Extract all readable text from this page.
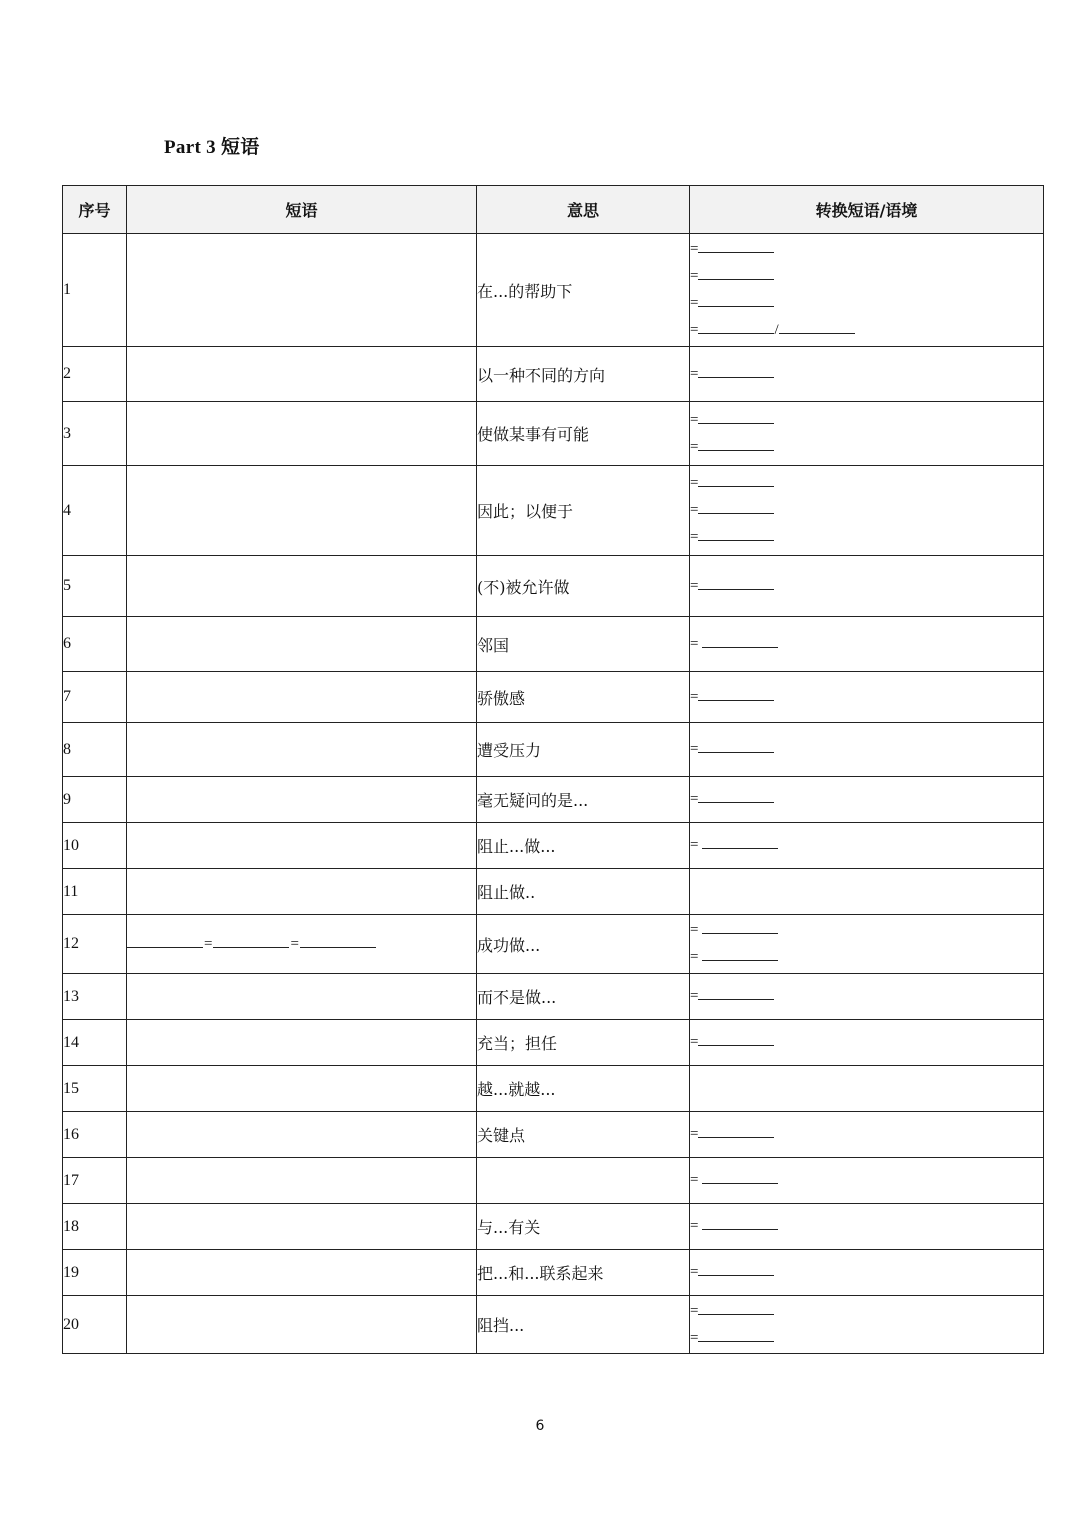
Part 3 短语
序号	短语	意思	转换短语/语境
1		在...的帮助下	=
=
=
= /

2		以一种不同的方向	=

3		使做某事有可能	=
=

4		因此；以便于	=
=
=

5		(不)被允许做	=

6		邻国	=

7		骄傲感	=

8		遭受压力	=

9		毫无疑问的是...	=

10		阻止...做...	=

11		阻止做..	
12	= =	成功做...	=
=

13		而不是做...	=

14		充当；担任	=

15		越...就越...	
16		关键点	=

17			=

18		与...有关	=

19		把...和...联系起来	=

20		阻挡...	=
=
6
